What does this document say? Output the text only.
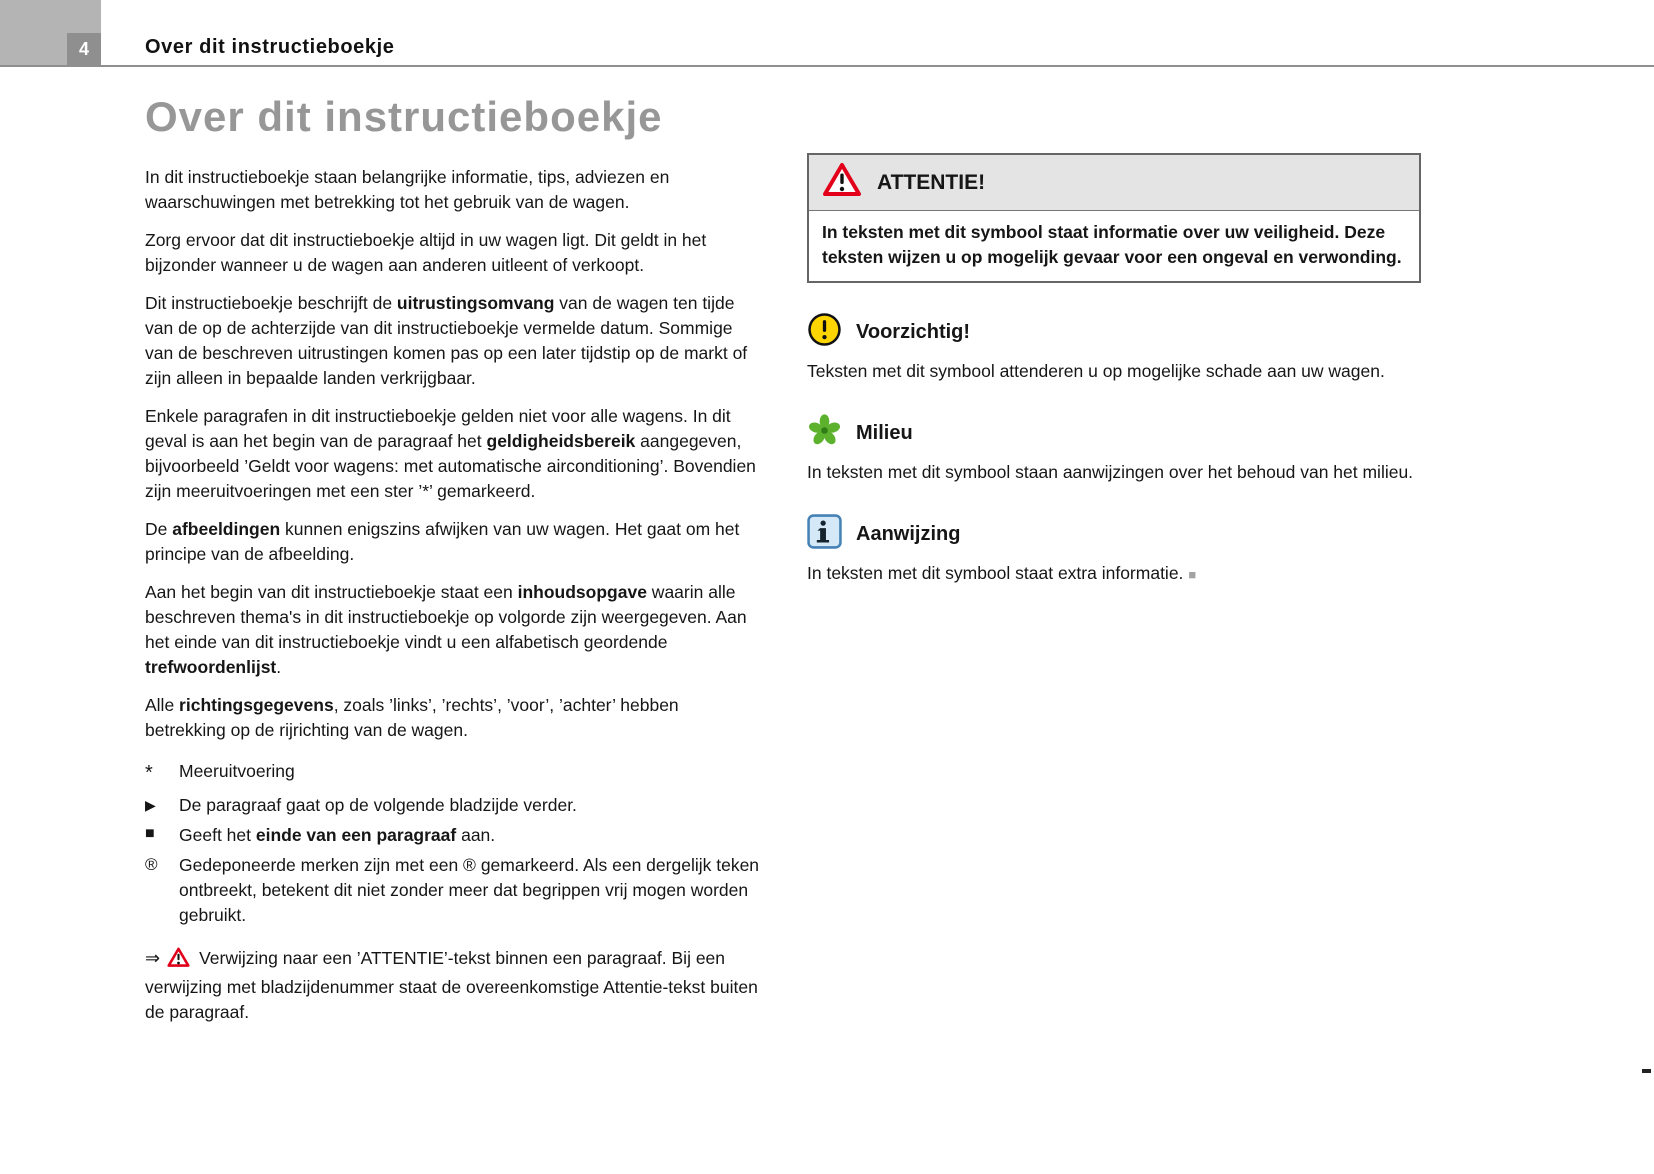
4	Over dit instructieboekje
Over dit instructieboekje

In dit instructieboekje staan belangrijke informatie, tips, adviezen en waarschuwingen met betrekking tot het gebruik van de wagen.

Zorg ervoor dat dit instructieboekje altijd in uw wagen ligt. Dit geldt in het bijzonder wanneer u de wagen aan anderen uitleent of verkoopt.

Dit instructieboekje beschrijft de uitrustingsomvang van de wagen ten tijde van de op de achterzijde van dit instructieboekje vermelde datum. Sommige van de beschreven uitrustingen komen pas op een later tijdstip op de markt of zijn alleen in bepaalde landen verkrijgbaar.

Enkele paragrafen in dit instructieboekje gelden niet voor alle wagens. In dit geval is aan het begin van de paragraaf het geldigheidsbereik aangegeven, bijvoorbeeld ’Geldt voor wagens: met automatische airconditioning’. Bovendien zijn meeruitvoeringen met een ster ’*’ gemarkeerd.

De afbeeldingen kunnen enigszins afwijken van uw wagen. Het gaat om het principe van de afbeelding.

Aan het begin van dit instructieboekje staat een inhoudsopgave waarin alle beschreven thema's in dit instructieboekje op volgorde zijn weergegeven. Aan het einde van dit instructieboekje vindt u een alfabetisch geordende trefwoordenlijst.

Alle richtingsgegevens, zoals ’links’, ’rechts’, ’voor’, ’achter’ hebben betrekking op de rijrichting van de wagen.

*	Meeruitvoering
▶	De paragraaf gaat op de volgende bladzijde verder.
■	Geeft het einde van een paragraaf aan.
®	Gedeponeerde merken zijn met een ® gemarkeerd. Als een dergelijk teken ontbreekt, betekent dit niet zonder meer dat begrippen vrij mogen worden gebruikt.

⇒ Verwijzing naar een ’ATTENTIE’-tekst binnen een paragraaf. Bij een verwijzing met bladzijdenummer staat de overeenkomstige Attentie-tekst buiten de paragraaf.

ATTENTIE!
In teksten met dit symbool staat informatie over uw veiligheid. Deze teksten wijzen u op mogelijk gevaar voor een ongeval en verwonding.
Voorzichtig!

Teksten met dit symbool attenderen u op mogelijke schade aan uw wagen.

Milieu

In teksten met dit symbool staan aanwijzingen over het behoud van het milieu.

Aanwijzing

In teksten met dit symbool staat extra informatie. ■
